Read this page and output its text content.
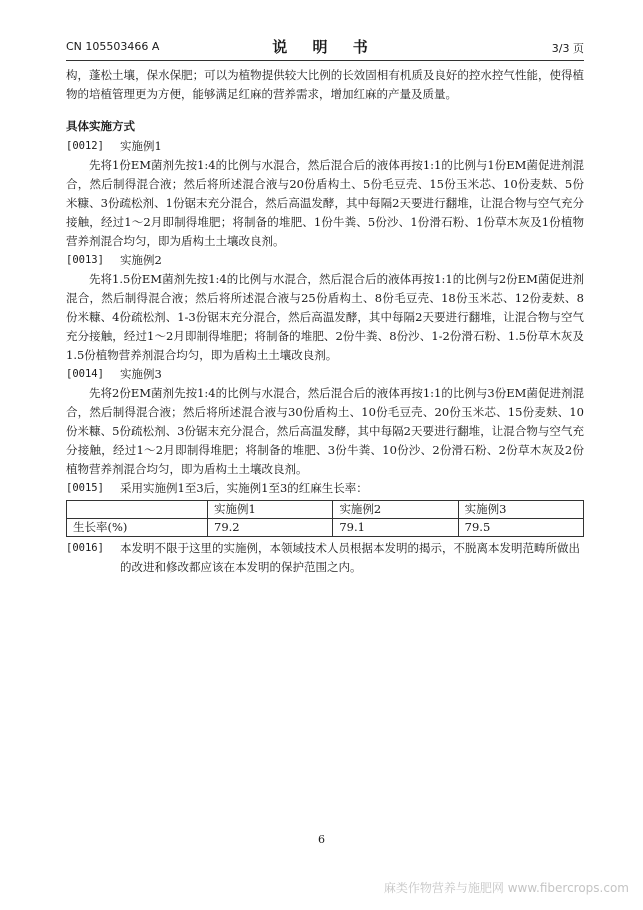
CN 105503466 A	说 明 书	3/3 页

构，蓬松土壤，保水保肥；可以为植物提供较大比例的长效固相有机质及良好的控水控气性能，使得植物的培植管理更为方便，能够满足红麻的营养需求，增加红麻的产量及质量。

具体实施方式
[0012]	实施例1

先将1份EM菌剂先按1:4的比例与水混合，然后混合后的液体再按1:1的比例与1份EM菌促进剂混合，然后制得混合液；然后将所述混合液与20份盾构土、5份毛豆壳、15份玉米芯、10份麦麸、5份米糠、3份疏松剂、1份锯末充分混合，然后高温发酵，其中每隔2天要进行翻堆，让混合物与空气充分接触，经过1～2月即制得堆肥；将制备的堆肥、1份牛粪、5份沙、1份滑石粉、1份草木灰及1份植物营养剂混合均匀，即为盾构土土壤改良剂。

[0013]	实施例2

先将1.5份EM菌剂先按1:4的比例与水混合，然后混合后的液体再按1:1的比例与2份EM菌促进剂混合，然后制得混合液；然后将所述混合液与25份盾构土、8份毛豆壳、18份玉米芯、12份麦麸、8份米糠、4份疏松剂、1-3份锯末充分混合，然后高温发酵，其中每隔2天要进行翻堆，让混合物与空气充分接触，经过1～2月即制得堆肥；将制备的堆肥、2份牛粪、8份沙、1-2份滑石粉、1.5份草木灰及1.5份植物营养剂混合均匀，即为盾构土土壤改良剂。

[0014]	实施例3

先将2份EM菌剂先按1:4的比例与水混合，然后混合后的液体再按1:1的比例与3份EM菌促进剂混合，然后制得混合液；然后将所述混合液与30份盾构土、10份毛豆壳、20份玉米芯、15份麦麸、10份米糠、5份疏松剂、3份锯末充分混合，然后高温发酵，其中每隔2天要进行翻堆，让混合物与空气充分接触，经过1～2月即制得堆肥；将制备的堆肥、3份牛粪、10份沙、2份滑石粉、2份草木灰及2份植物营养剂混合均匀，即为盾构土土壤改良剂。

[0015]	采用实施例1至3后，实施例1至3的红麻生长率：
	实施例1	实施例2	实施例3
生长率(%)	79.2	79.1	79.5
[0016]	本发明不限于这里的实施例，本领域技术人员根据本发明的揭示，不脱离本发明范畴所做出的改进和修改都应该在本发明的保护范围之内。
6
麻类作物营养与施肥网 www.fibercrops.com
